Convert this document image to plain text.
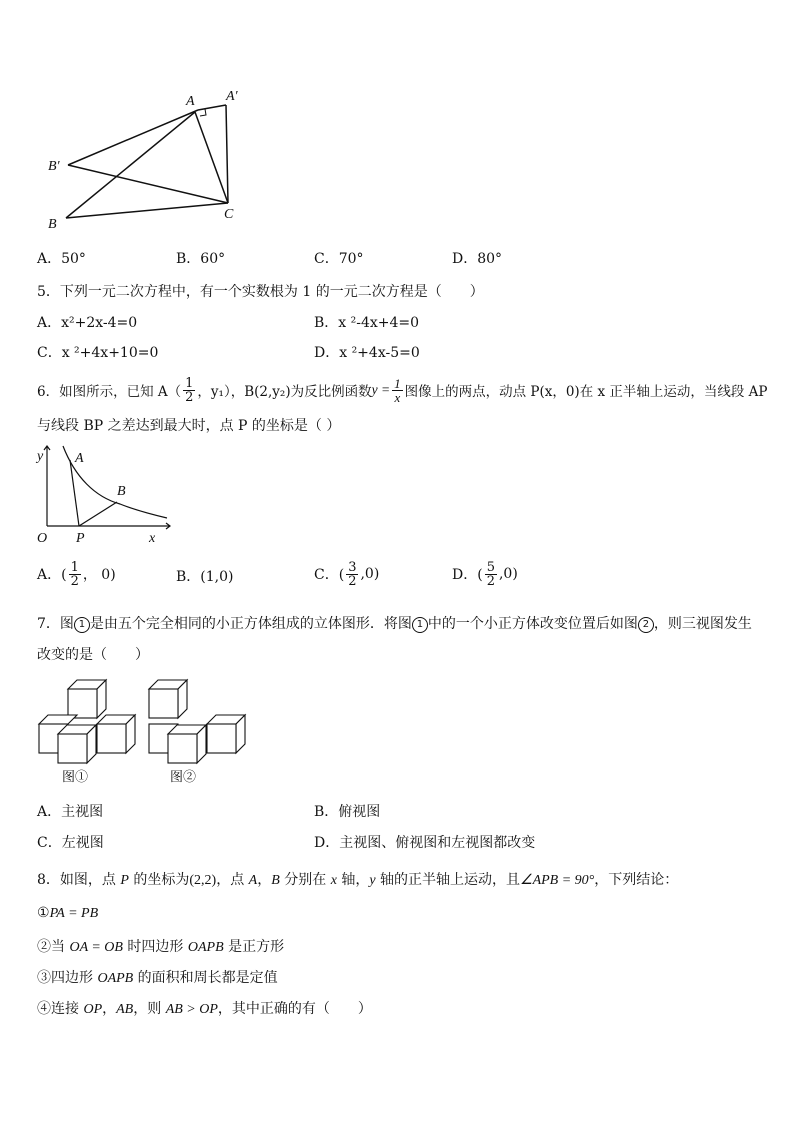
A A′
B′
B
C
A．50°	B．60°	C．70°	D．80°
5．下列一元二次方程中，有一个实数根为 1 的一元二次方程是（　　）
A．x²+2x-4=0	B．x ²-4x+4=0
C．x ²+4x+10=0	D．x ²+4x-5=0
6．如图所示，已知 $A( \frac{1}{2}$ ，y₁），B(2,y₂)为反比例函数 $y = \frac{1}{x}$ 图像上的两点，动点 P(x，0)在 x 正半轴上运动，当线段 AP
与线段 BP 之差达到最大时，点 P 的坐标是（ ）
y A
B
O P	x
A．( $\frac{1}{2}$ ， 0)	B．(1,0)	C．( $\frac{3}{2} ,0$)	D．( $\frac{5}{2} ,0$)
7．图 1 是由五个完全相同的小正方体组成的立体图形．将图 1 中的一个小正方体改变位置后如图 2 ，则三视图发生
改变的是（　　）
图①	图②
A．主视图	B．俯视图
C．左视图	D．主视图、俯视图和左视图都改变
8．如图，点 P 的坐标为(2,2)，点 A，B 分别在 x 轴，y 轴的正半轴上运动，且∠APB = 90°，下列结论：
①PA = PB
②当 OA = OB 时四边形 OAPB 是正方形
③四边形 OAPB 的面积和周长都是定值
④连接 OP，AB，则 AB > OP，其中正确的有（　　）
